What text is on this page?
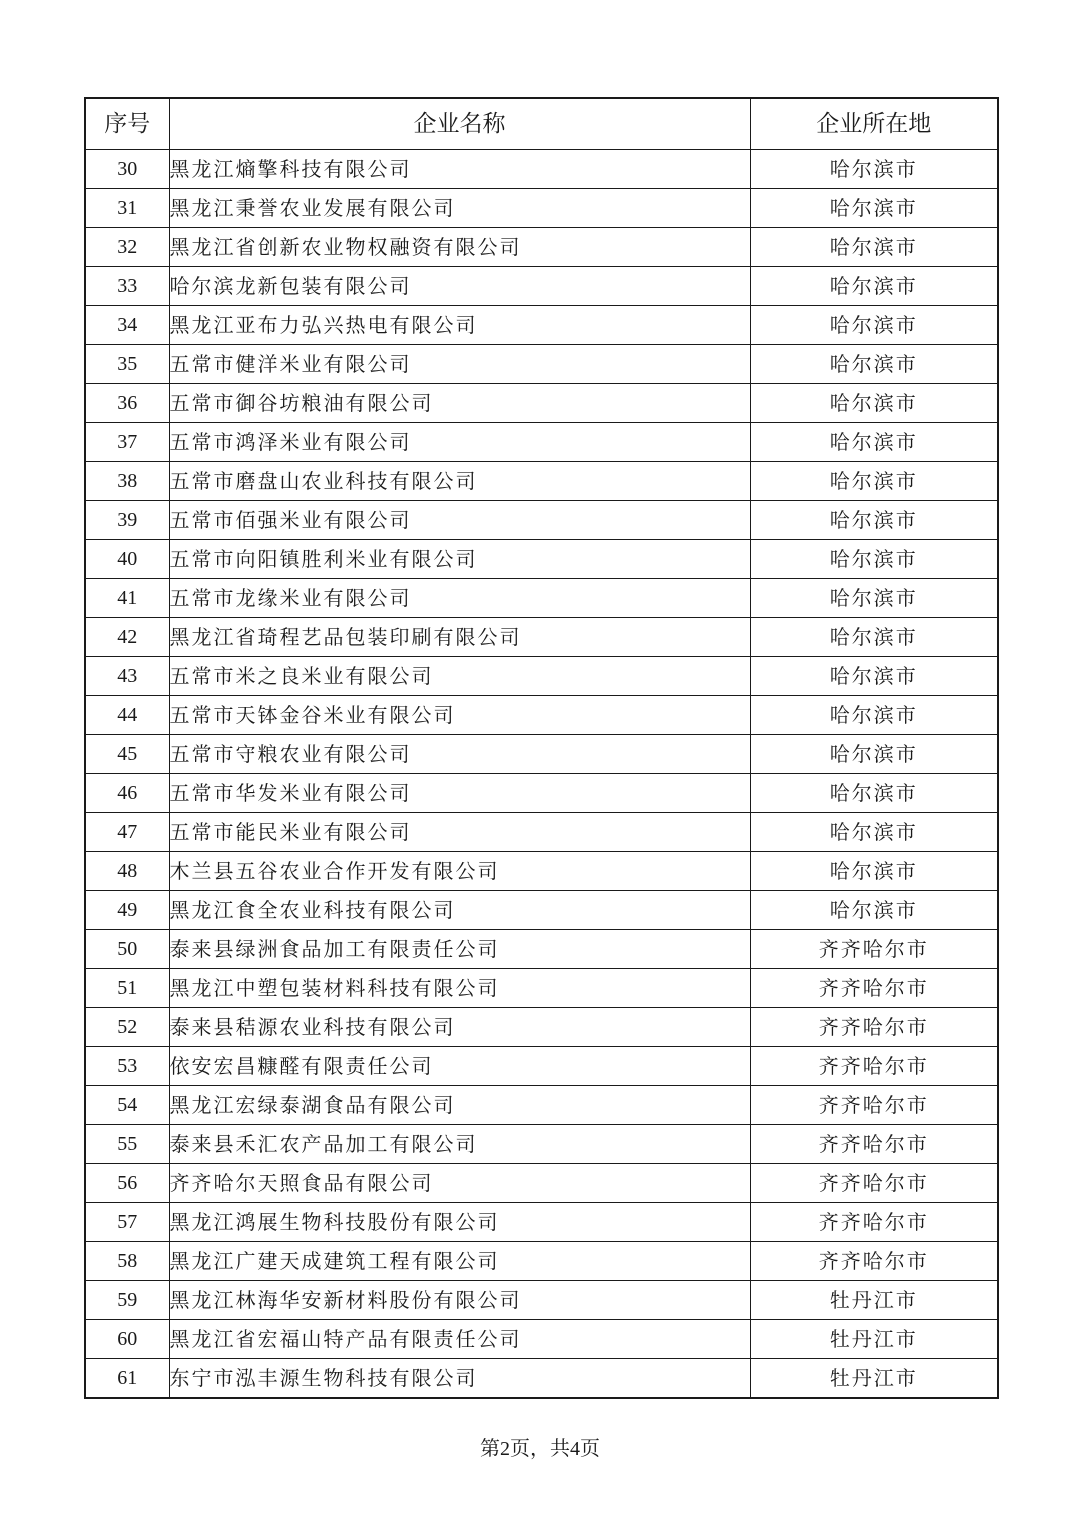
序号	企业名称	企业所在地
30	黑龙江熵擎科技有限公司	哈尔滨市
31	黑龙江秉誉农业发展有限公司	哈尔滨市
32	黑龙江省创新农业物权融资有限公司	哈尔滨市
33	哈尔滨龙新包装有限公司	哈尔滨市
34	黑龙江亚布力弘兴热电有限公司	哈尔滨市
35	五常市健洋米业有限公司	哈尔滨市
36	五常市御谷坊粮油有限公司	哈尔滨市
37	五常市鸿泽米业有限公司	哈尔滨市
38	五常市磨盘山农业科技有限公司	哈尔滨市
39	五常市佰强米业有限公司	哈尔滨市
40	五常市向阳镇胜利米业有限公司	哈尔滨市
41	五常市龙缘米业有限公司	哈尔滨市
42	黑龙江省琦程艺品包装印刷有限公司	哈尔滨市
43	五常市米之良米业有限公司	哈尔滨市
44	五常市天钵金谷米业有限公司	哈尔滨市
45	五常市守粮农业有限公司	哈尔滨市
46	五常市华发米业有限公司	哈尔滨市
47	五常市能民米业有限公司	哈尔滨市
48	木兰县五谷农业合作开发有限公司	哈尔滨市
49	黑龙江食全农业科技有限公司	哈尔滨市
50	泰来县绿洲食品加工有限责任公司	齐齐哈尔市
51	黑龙江中塑包装材料科技有限公司	齐齐哈尔市
52	泰来县秸源农业科技有限公司	齐齐哈尔市
53	依安宏昌糠醛有限责任公司	齐齐哈尔市
54	黑龙江宏绿泰湖食品有限公司	齐齐哈尔市
55	泰来县禾汇农产品加工有限公司	齐齐哈尔市
56	齐齐哈尔天照食品有限公司	齐齐哈尔市
57	黑龙江鸿展生物科技股份有限公司	齐齐哈尔市
58	黑龙江广建天成建筑工程有限公司	齐齐哈尔市
59	黑龙江林海华安新材料股份有限公司	牡丹江市
60	黑龙江省宏福山特产品有限责任公司	牡丹江市
61	东宁市泓丰源生物科技有限公司	牡丹江市
第2页，共4页
